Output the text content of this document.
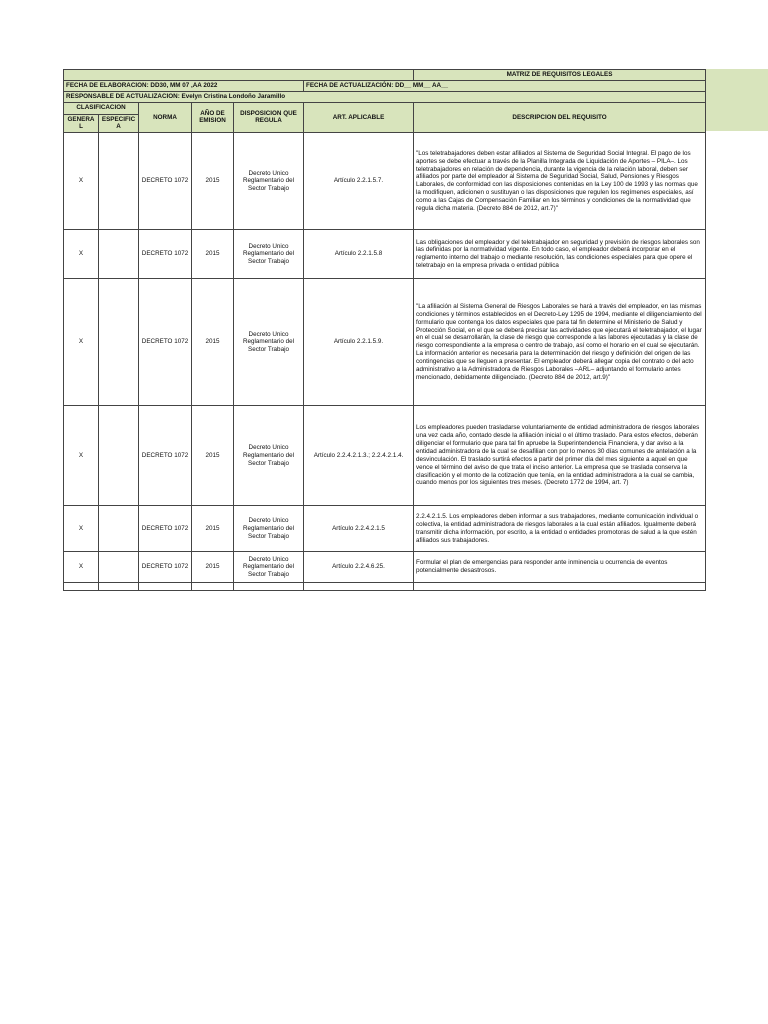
						MATRIZ DE REQUISITOS LEGALES
FECHA DE ELABORACION: DD30, MM 07 ,AA 2022					FECHA DE ACTUALIZACIÓN: DD__ MM__ AA__	
RESPONSABLE DE ACTUALIZACION: Evelyn Cristina Londoño Jaramillo						
CLASIFICACION		NORMA	AÑO DE EMISION	DISPOSICION QUE REGULA	ART. APLICABLE	DESCRIPCION DEL REQUISITO
GENERAL	ESPECIFICA					
X		DECRETO 1072	2015	Decreto Unico Reglamentario del Sector Trabajo	Artículo 2.2.1.5.7.	"Los teletrabajadores deben estar afiliados al Sistema de Seguridad Social Integral. El pago de los aportes se debe efectuar a través de la Planilla Integrada de Liquidación de Aportes – PILA–. Los teletrabajadores en relación de dependencia, durante la vigencia de la relación laboral, deben ser afiliados por parte del empleador al Sistema de Seguridad Social, Salud, Pensiones y Riesgos Laborales, de conformidad con las disposiciones contenidas en la Ley 100 de 1993 y las normas que la modifiquen, adicionen o sustituyan o las disposiciones que regulen los regímenes especiales, así como a las Cajas de Compensación Familiar en los términos y condiciones de la normatividad que regula dicha materia. (Decreto 884 de 2012, art.7)"
X		DECRETO 1072	2015	Decreto Unico Reglamentario del Sector Trabajo	Artículo 2.2.1.5.8	Las obligaciones del empleador y del teletrabajador en seguridad y previsión de riesgos laborales son las definidas por la normatividad vigente. En todo caso, el empleador deberá incorporar en el reglamento interno del trabajo o mediante resolución, las condiciones especiales para que opere el teletrabajo en la empresa privada o entidad pública
X		DECRETO 1072	2015	Decreto Unico Reglamentario del Sector Trabajo	Artículo 2.2.1.5.9.	"La afiliación al Sistema General de Riesgos Laborales se hará a través del empleador, en las mismas condiciones y términos establecidos en el Decreto-Ley 1295 de 1994, mediante el diligenciamiento del formulario que contenga los datos especiales que para tal fin determine el Ministerio de Salud y Protección Social, en el que se deberá precisar las actividades que ejecutará el teletrabajador, el lugar en el cual se desarrollarán, la clase de riesgo que corresponde a las labores ejecutadas y la clase de riesgo correspondiente a la empresa o centro de trabajo, así como el horario en el cual se ejecutarán. La información anterior es necesaria para la determinación del riesgo y definición del origen de las contingencias que se lleguen a presentar. El empleador deberá allegar copia del contrato o del acto administrativo a la Administradora de Riesgos Laborales –ARL– adjuntando el formulario antes mencionado, debidamente diligenciado. (Decreto 884 de 2012, art.9)"
X		DECRETO 1072	2015	Decreto Unico Reglamentario del Sector Trabajo	Artículo 2.2.4.2.1.3.; 2.2.4.2.1.4.	Los empleadores pueden trasladarse voluntariamente de entidad administradora de riesgos laborales una vez cada año, contado desde la afiliación inicial o el último traslado. Para estos efectos, deberán diligenciar el formulario que para tal fin apruebe la Superintendencia Financiera, y dar aviso a la entidad administradora de la cual se desafilian con por lo menos 30 días comunes de antelación a la desvinculación. El traslado surtirá efectos a partir del primer día del mes siguiente a aquel en que vence el término del aviso de que trata el inciso anterior. La empresa que se traslada conserva la clasificación y el monto de la cotización que tenía, en la entidad administradora a la cual se cambia, cuando menos por los siguientes tres meses. (Decreto 1772 de 1994, art. 7)
X		DECRETO 1072	2015	Decreto Unico Reglamentario del Sector Trabajo	Artículo 2.2.4.2.1.5	2.2.4.2.1.5. Los empleadores deben informar a sus trabajadores, mediante comunicación individual o colectiva, la entidad administradora de riesgos laborales a la cual están afiliados. Igualmente deberá transmitir dicha información, por escrito, a la entidad o entidades promotoras de salud a la que estén afiliados sus trabajadores.
X		DECRETO 1072	2015	Decreto Unico Reglamentario del Sector Trabajo	Artículo 2.2.4.6.25.	Formular el plan de emergencias para responder ante inminencia u ocurrencia de eventos potencialmente desastrosos.
